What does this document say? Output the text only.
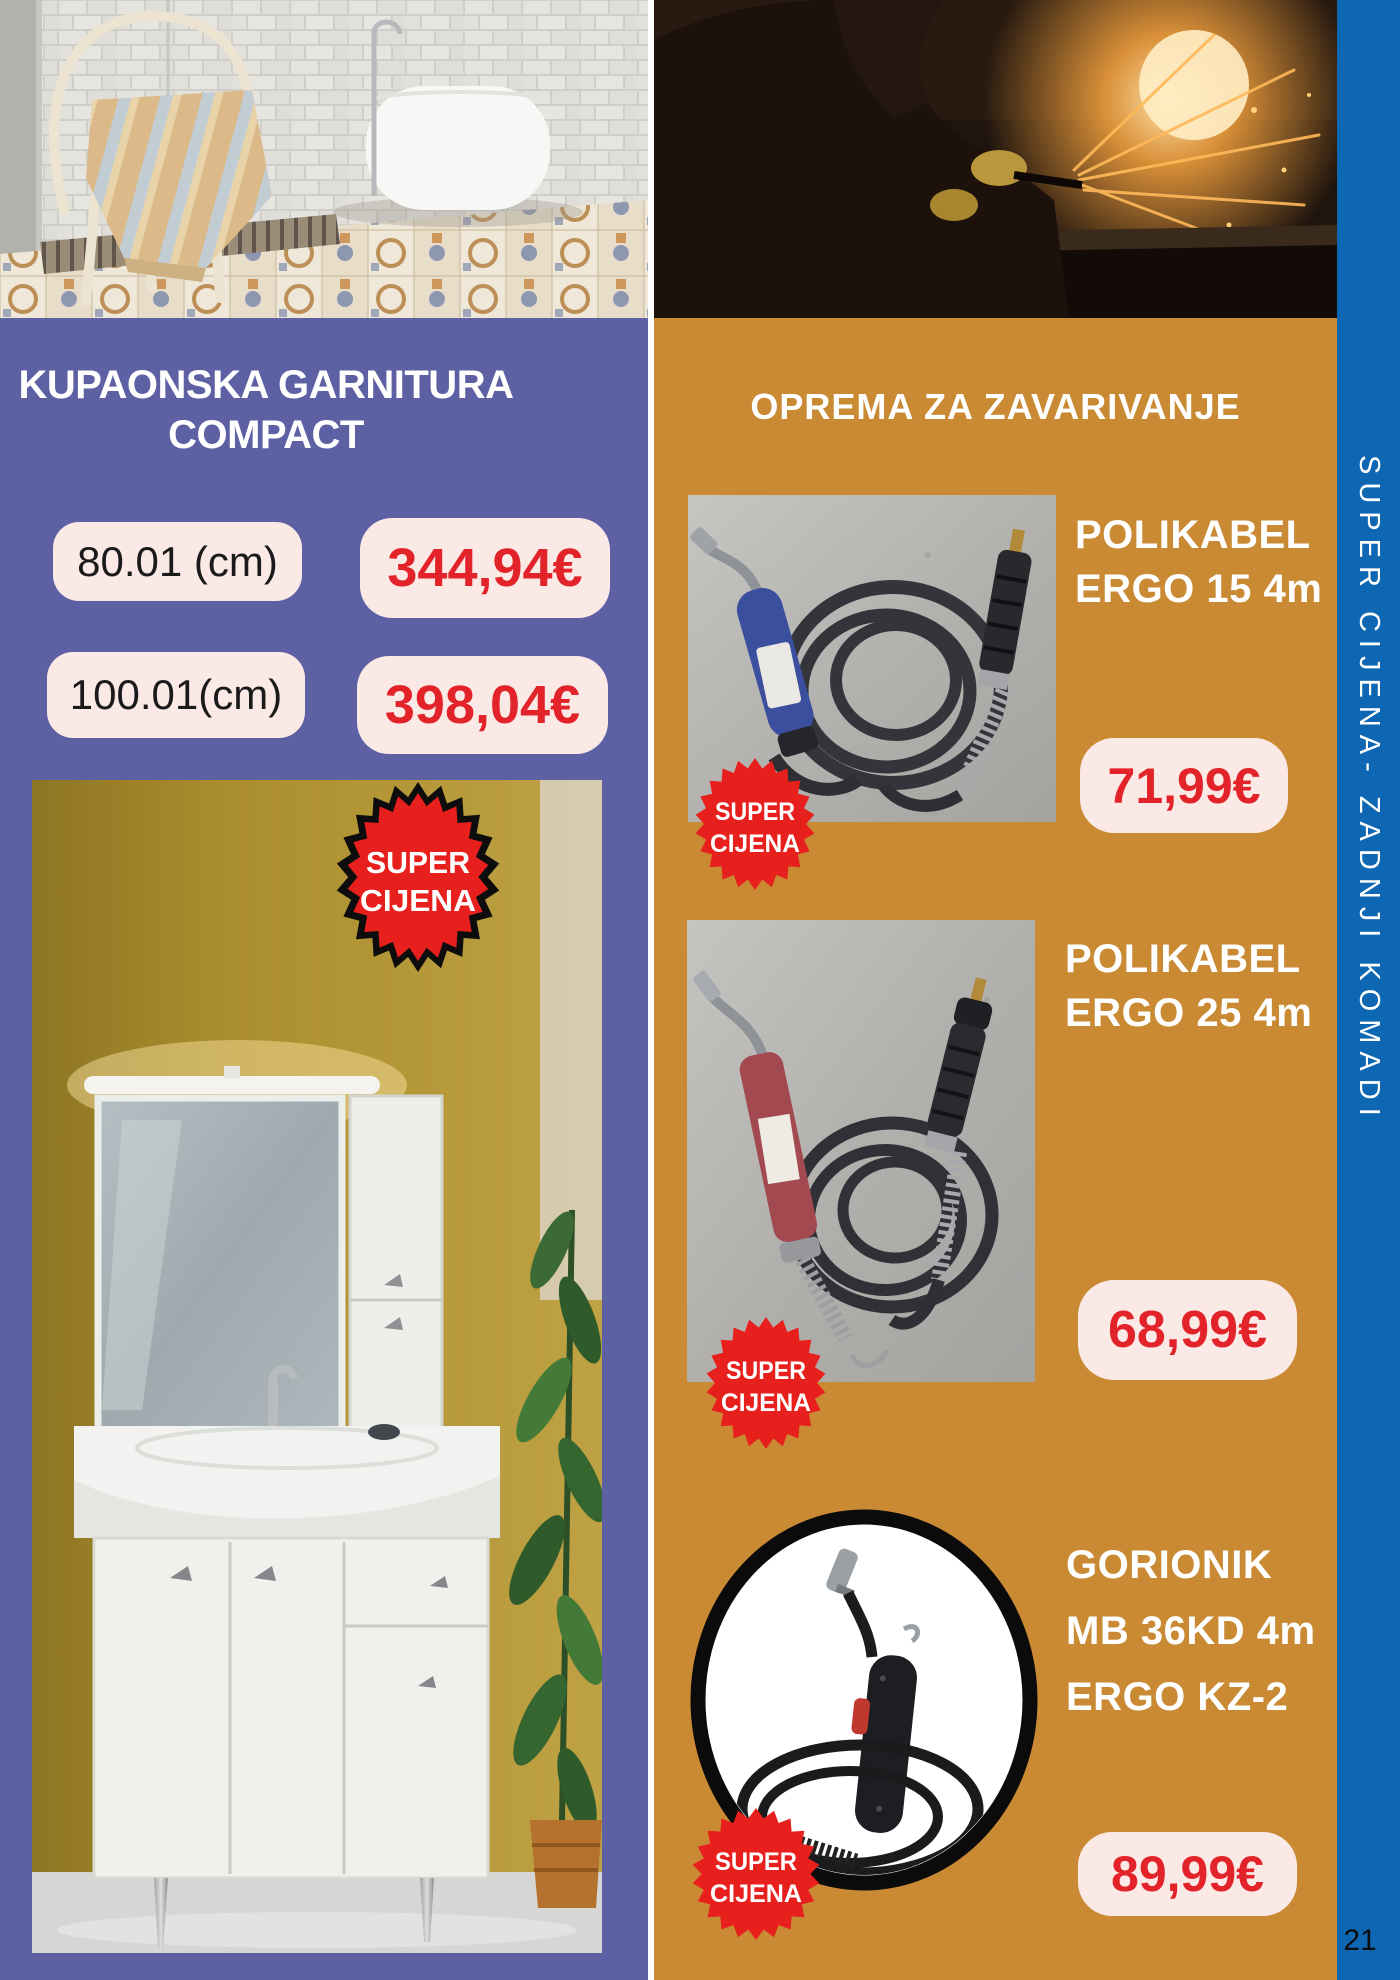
KUPAONSKA GARNITURA
COMPACT
80.01 (cm) 344,94€
100.01(cm) 398,04€
SUPER
CIJENA
OPREMA ZA ZAVARIVANJE
POLIKABEL
ERGO 15 4m
71,99€
SUPER
CIJENA
POLIKABEL
ERGO 25 4m
68,99€
SUPER
CIJENA
GORIONIK
MB 36KD 4m
ERGO KZ-2
89,99€
SUPER
CIJENA
SUPER CIJENA- ZADNJI KOMADI
21
